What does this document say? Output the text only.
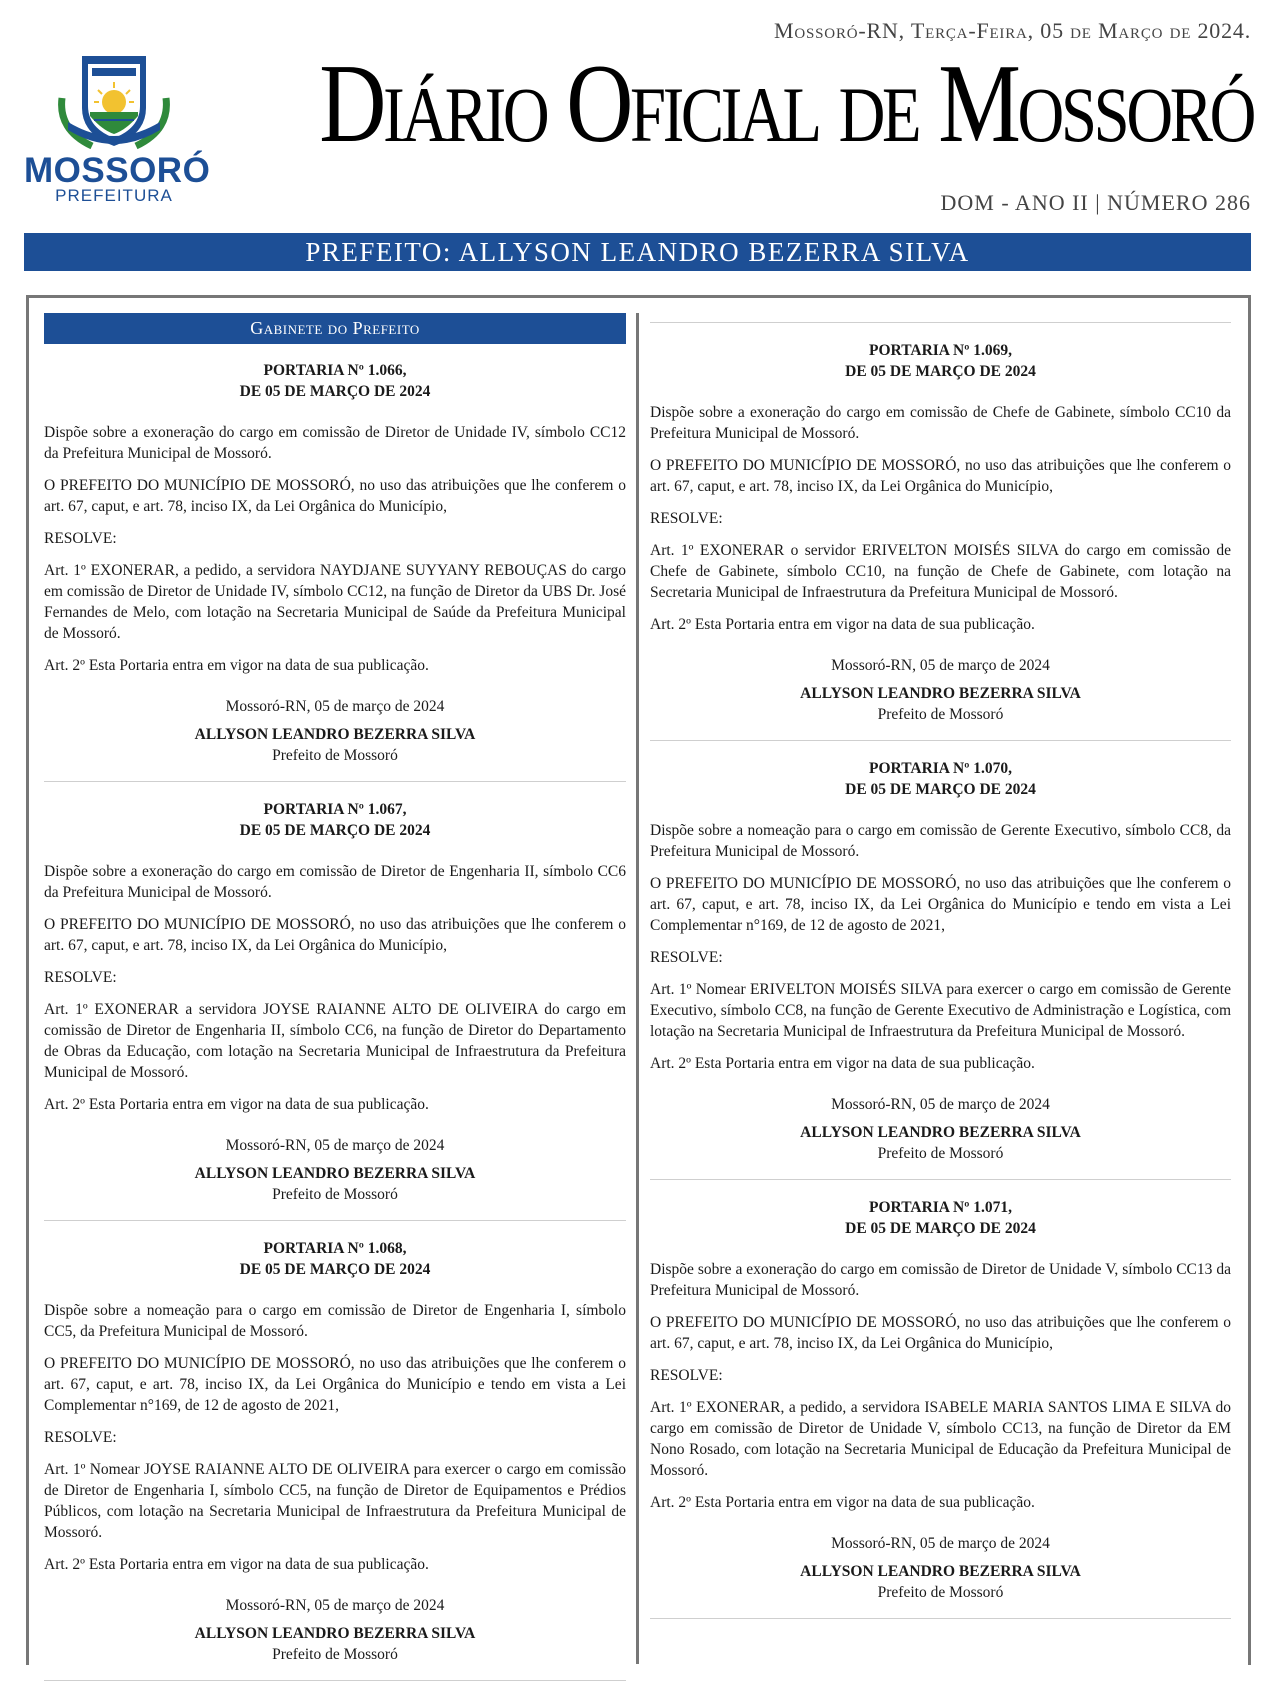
MOSSORÓ
PREFEITURA
Mossoró-RN, Terça-Feira, 05 de Março de 2024.
Diário Oficial de Mossoró
DOM - ANO II | NÚMERO 286
PREFEITO: ALLYSON LEANDRO BEZERRA SILVA
Gabinete do Prefeito

PORTARIA Nº 1.066,

DE 05 DE MARÇO DE 2024

Dispõe sobre a exoneração do cargo em comissão de Diretor de Unidade IV, símbolo CC12 da Prefeitura Municipal de Mossoró.

O PREFEITO DO MUNICÍPIO DE MOSSORÓ, no uso das atribuições que lhe conferem o art. 67, caput, e art. 78, inciso IX, da Lei Orgânica do Município,

RESOLVE:

Art. 1º EXONERAR, a pedido, a servidora NAYDJANE SUYYANY REBOUÇAS do cargo em comissão de Diretor de Unidade IV, símbolo CC12, na função de Diretor da UBS Dr. José Fernandes de Melo, com lotação na Secretaria Municipal de Saúde da Prefeitura Municipal de Mossoró.

Art. 2º Esta Portaria entra em vigor na data de sua publicação.

Mossoró-RN, 05 de março de 2024

ALLYSON LEANDRO BEZERRA SILVA

Prefeito de Mossoró

PORTARIA Nº 1.067,

DE 05 DE MARÇO DE 2024

Dispõe sobre a exoneração do cargo em comissão de Diretor de Engenharia II, símbolo CC6 da Prefeitura Municipal de Mossoró.

O PREFEITO DO MUNICÍPIO DE MOSSORÓ, no uso das atribuições que lhe conferem o art. 67, caput, e art. 78, inciso IX, da Lei Orgânica do Município,

RESOLVE:

Art. 1º EXONERAR a servidora JOYSE RAIANNE ALTO DE OLIVEIRA do cargo em comissão de Diretor de Engenharia II, símbolo CC6, na função de Diretor do Departamento de Obras da Educação, com lotação na Secretaria Municipal de Infraestrutura da Prefeitura Municipal de Mossoró.

Art. 2º Esta Portaria entra em vigor na data de sua publicação.

Mossoró-RN, 05 de março de 2024

ALLYSON LEANDRO BEZERRA SILVA

Prefeito de Mossoró

PORTARIA Nº 1.068,

DE 05 DE MARÇO DE 2024

Dispõe sobre a nomeação para o cargo em comissão de Diretor de Engenharia I, símbolo CC5, da Prefeitura Municipal de Mossoró.

O PREFEITO DO MUNICÍPIO DE MOSSORÓ, no uso das atribuições que lhe conferem o art. 67, caput, e art. 78, inciso IX, da Lei Orgânica do Município e tendo em vista a Lei Complementar n°169, de 12 de agosto de 2021,

RESOLVE:

Art. 1º Nomear JOYSE RAIANNE ALTO DE OLIVEIRA para exercer o cargo em comissão de Diretor de Engenharia I, símbolo CC5, na função de Diretor de Equipamentos e Prédios Públicos, com lotação na Secretaria Municipal de Infraestrutura da Prefeitura Municipal de Mossoró.

Art. 2º Esta Portaria entra em vigor na data de sua publicação.

Mossoró-RN, 05 de março de 2024

ALLYSON LEANDRO BEZERRA SILVA

Prefeito de Mossoró

PORTARIA Nº 1.069,

DE 05 DE MARÇO DE 2024

Dispõe sobre a exoneração do cargo em comissão de Chefe de Gabinete, símbolo CC10 da Prefeitura Municipal de Mossoró.

O PREFEITO DO MUNICÍPIO DE MOSSORÓ, no uso das atribuições que lhe conferem o art. 67, caput, e art. 78, inciso IX, da Lei Orgânica do Município,

RESOLVE:

Art. 1º EXONERAR o servidor ERIVELTON MOISÉS SILVA do cargo em comissão de Chefe de Gabinete, símbolo CC10, na função de Chefe de Gabinete, com lotação na Secretaria Municipal de Infraestrutura da Prefeitura Municipal de Mossoró.

Art. 2º Esta Portaria entra em vigor na data de sua publicação.

Mossoró-RN, 05 de março de 2024

ALLYSON LEANDRO BEZERRA SILVA

Prefeito de Mossoró

PORTARIA Nº 1.070,

DE 05 DE MARÇO DE 2024

Dispõe sobre a nomeação para o cargo em comissão de Gerente Executivo, símbolo CC8, da Prefeitura Municipal de Mossoró.

O PREFEITO DO MUNICÍPIO DE MOSSORÓ, no uso das atribuições que lhe conferem o art. 67, caput, e art. 78, inciso IX, da Lei Orgânica do Município e tendo em vista a Lei Complementar n°169, de 12 de agosto de 2021,

RESOLVE:

Art. 1º Nomear ERIVELTON MOISÉS SILVA para exercer o cargo em comissão de Gerente Executivo, símbolo CC8, na função de Gerente Executivo de Administração e Logística, com lotação na Secretaria Municipal de Infraestrutura da Prefeitura Municipal de Mossoró.

Art. 2º Esta Portaria entra em vigor na data de sua publicação.

Mossoró-RN, 05 de março de 2024

ALLYSON LEANDRO BEZERRA SILVA

Prefeito de Mossoró

PORTARIA Nº 1.071,

DE 05 DE MARÇO DE 2024

Dispõe sobre a exoneração do cargo em comissão de Diretor de Unidade V, símbolo CC13 da Prefeitura Municipal de Mossoró.

O PREFEITO DO MUNICÍPIO DE MOSSORÓ, no uso das atribuições que lhe conferem o art. 67, caput, e art. 78, inciso IX, da Lei Orgânica do Município,

RESOLVE:

Art. 1º EXONERAR, a pedido, a servidora ISABELE MARIA SANTOS LIMA E SILVA do cargo em comissão de Diretor de Unidade V, símbolo CC13, na função de Diretor da EM Nono Rosado, com lotação na Secretaria Municipal de Educação da Prefeitura Municipal de Mossoró.

Art. 2º Esta Portaria entra em vigor na data de sua publicação.

Mossoró-RN, 05 de março de 2024

ALLYSON LEANDRO BEZERRA SILVA

Prefeito de Mossoró
